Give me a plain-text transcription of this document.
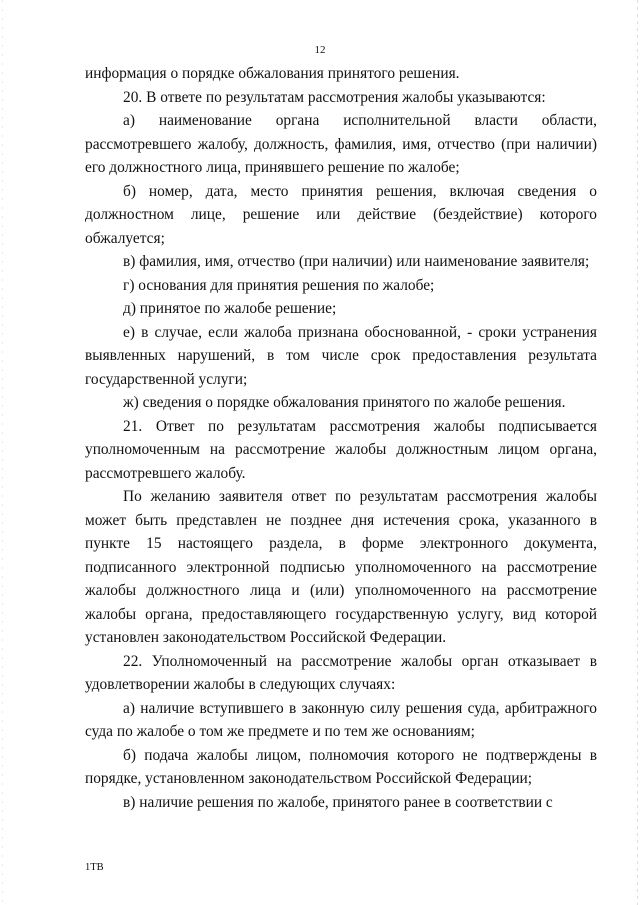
12

информация о порядке обжалования принятого решения.

20. В ответе по результатам рассмотрения жалобы указываются:

а) наименование органа исполнительной власти области, рассмотревшего жалобу, должность, фамилия, имя, отчество (при наличии) его должностного лица, принявшего решение по жалобе;

б) номер, дата, место принятия решения, включая сведения о должностном лице, решение или действие (бездействие) которого обжалуется;

в) фамилия, имя, отчество (при наличии) или наименование заявителя;

г) основания для принятия решения по жалобе;

д) принятое по жалобе решение;

е) в случае, если жалоба признана обоснованной, - сроки устранения выявленных нарушений, в том числе срок предоставления результата государственной услуги;

ж) сведения о порядке обжалования принятого по жалобе решения.

21. Ответ по результатам рассмотрения жалобы подписывается уполномоченным на рассмотрение жалобы должностным лицом органа, рассмотревшего жалобу.

По желанию заявителя ответ по результатам рассмотрения жалобы может быть представлен не позднее дня истечения срока, указанного в пункте 15 настоящего раздела, в форме электронного документа, подписанного электронной подписью уполномоченного на рассмотрение жалобы должностного лица и (или) уполномоченного на рассмотрение жалобы органа, предоставляющего государственную услугу, вид которой установлен законодательством Российской Федерации.

22. Уполномоченный на рассмотрение жалобы орган отказывает в удовлетворении жалобы в следующих случаях:

а) наличие вступившего в законную силу решения суда, арбитражного суда по жалобе о том же предмете и по тем же основаниям;

б) подача жалобы лицом, полномочия которого не подтверждены в порядке, установленном законодательством Российской Федерации;

в) наличие решения по жалобе, принятого ранее в соответствии с

1ТВ
